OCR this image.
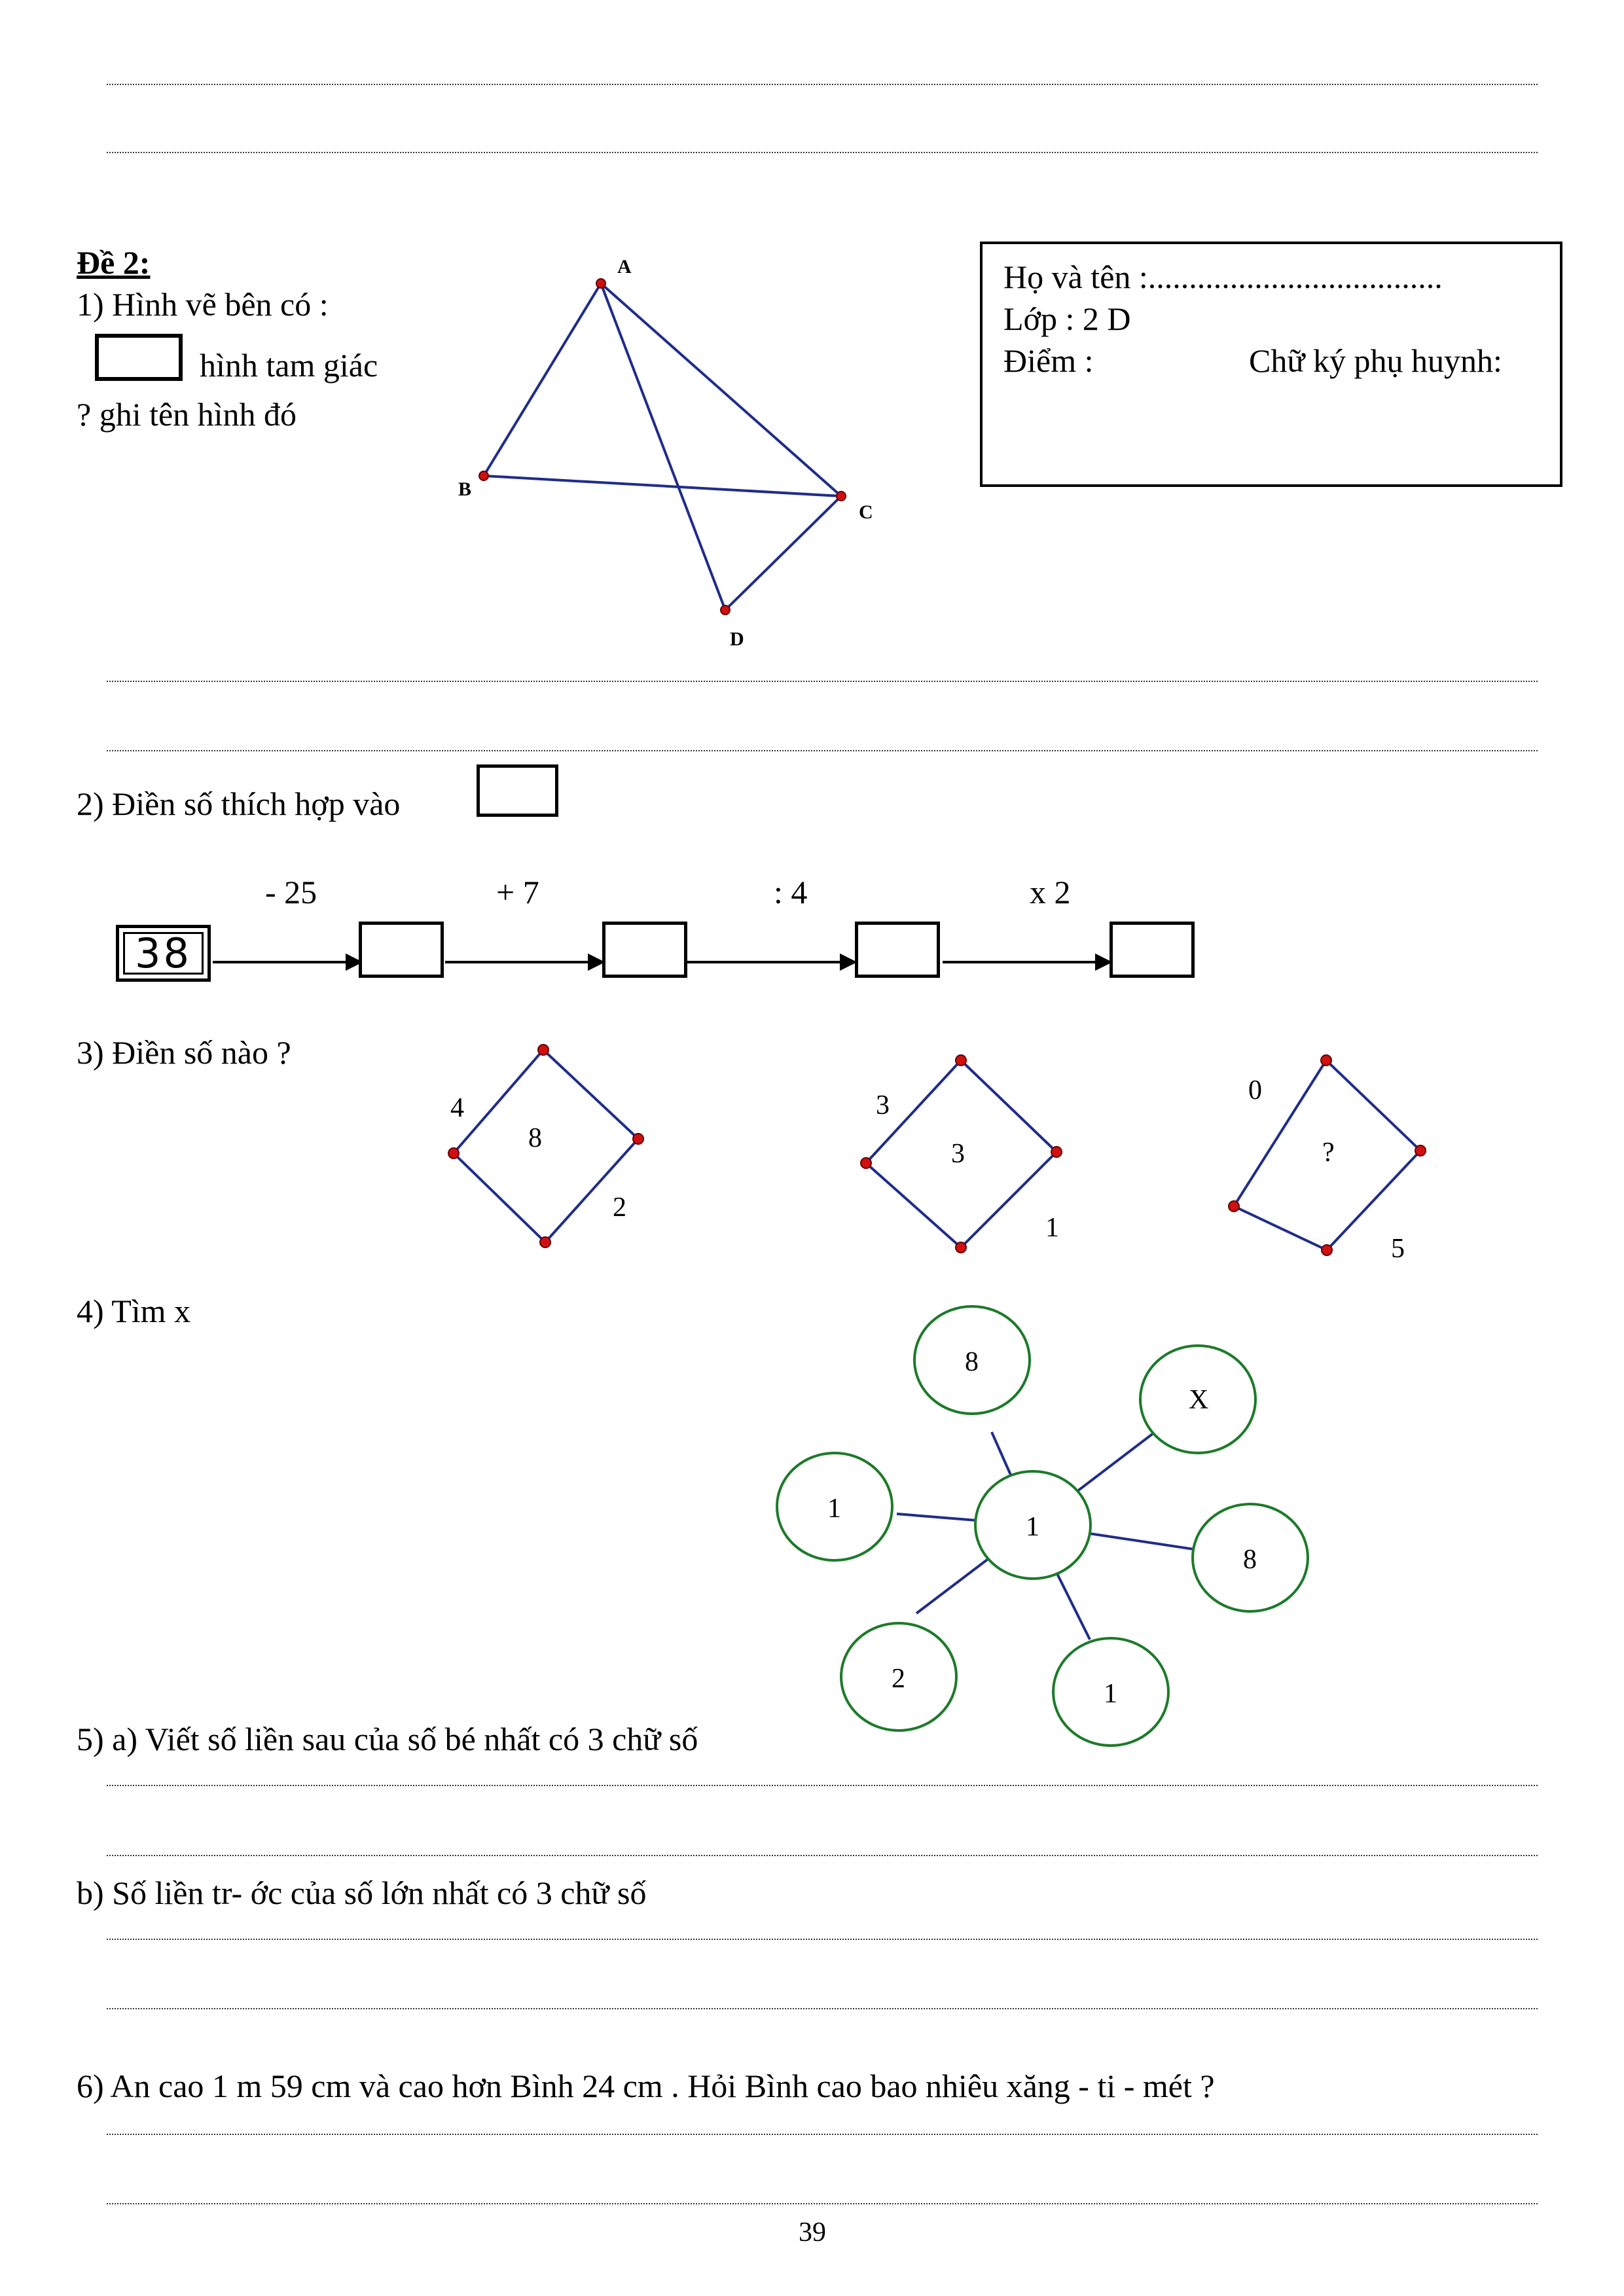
Đề 2:
1) Hình vẽ bên có :
hình tam giác
? ghi tên hình đó
Họ và tên :....................................
Lớp : 2 D
Điểm :	Chữ ký phụ huynh:
A
B
C
D
2) Điền số thích hợp vào
- 25	+ 7	: 4	x 2
38
3) Điền số nào ?
4
8
2
3
3
1
0
?
5
4) Tìm x
1
8
X
1
8
2	1
5) a) Viết số liền sau của số bé nhất có 3 chữ số
b) Số liền tr- ớc của số lớn nhất có 3 chữ số
6) An cao 1 m 59 cm và cao hơn Bình 24 cm . Hỏi Bình cao bao nhiêu xăng - ti - mét ?
39
